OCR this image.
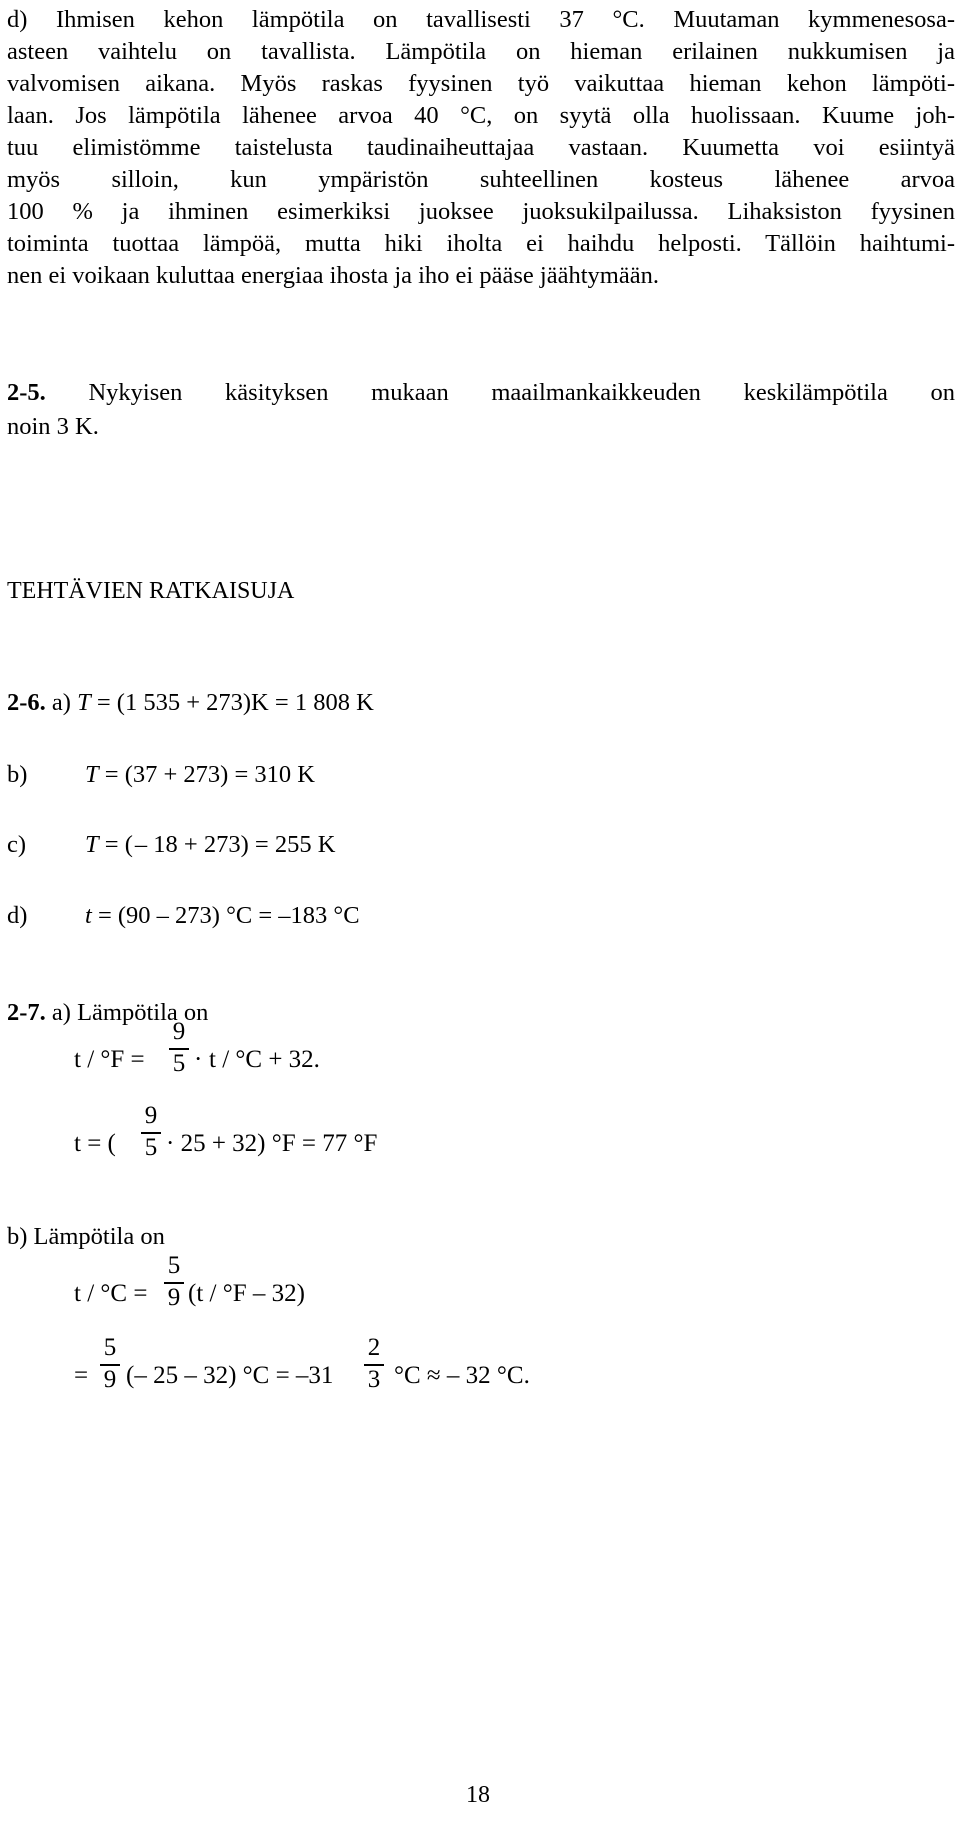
d) Ihmisen kehon lämpötila on tavallisesti 37 °C. Muutaman kymmenesosa-
asteen vaihtelu on tavallista. Lämpötila on hieman erilainen nukkumisen ja
valvomisen aikana. Myös raskas fyysinen työ vaikuttaa hieman kehon lämpöti-
laan. Jos lämpötila lähenee arvoa 40 °C, on syytä olla huolissaan. Kuume joh-
tuu elimistömme taistelusta taudinaiheuttajaa vastaan. Kuumetta voi esiintyä
myös silloin, kun ympäristön suhteellinen kosteus lähenee arvoa
100 % ja ihminen esimerkiksi juoksee juoksukilpailussa. Lihaksiston fyysinen
toiminta tuottaa lämpöä, mutta hiki iholta ei haihdu helposti. Tällöin haihtumi-
nen ei voikaan kuluttaa energiaa ihosta ja iho ei pääse jäähtymään.
2-5. Nykyisen käsityksen mukaan maailmankaikkeuden keskilämpötila on
noin 3 K.
TEHTÄVIEN RATKAISUJA
2-6. a) T = (1 535 + 273)K = 1 808 K
b) T = (37 + 273) = 310 K
c) T = ( – 18 + 273) = 255 K
d) t = (90 – 273) °C = –183 °C
2-7. a) Lämpötila on
t / °F =
9
5 · t / °C + 32.
t = (
9
5 · 25 + 32) °F = 77 °F
b) Lämpötila on
t / °C =
5
9 (t / °F – 32)
=
5
9 (– 25 – 32) °C = –31
2
3 °C ≈ – 32 °C.
18
